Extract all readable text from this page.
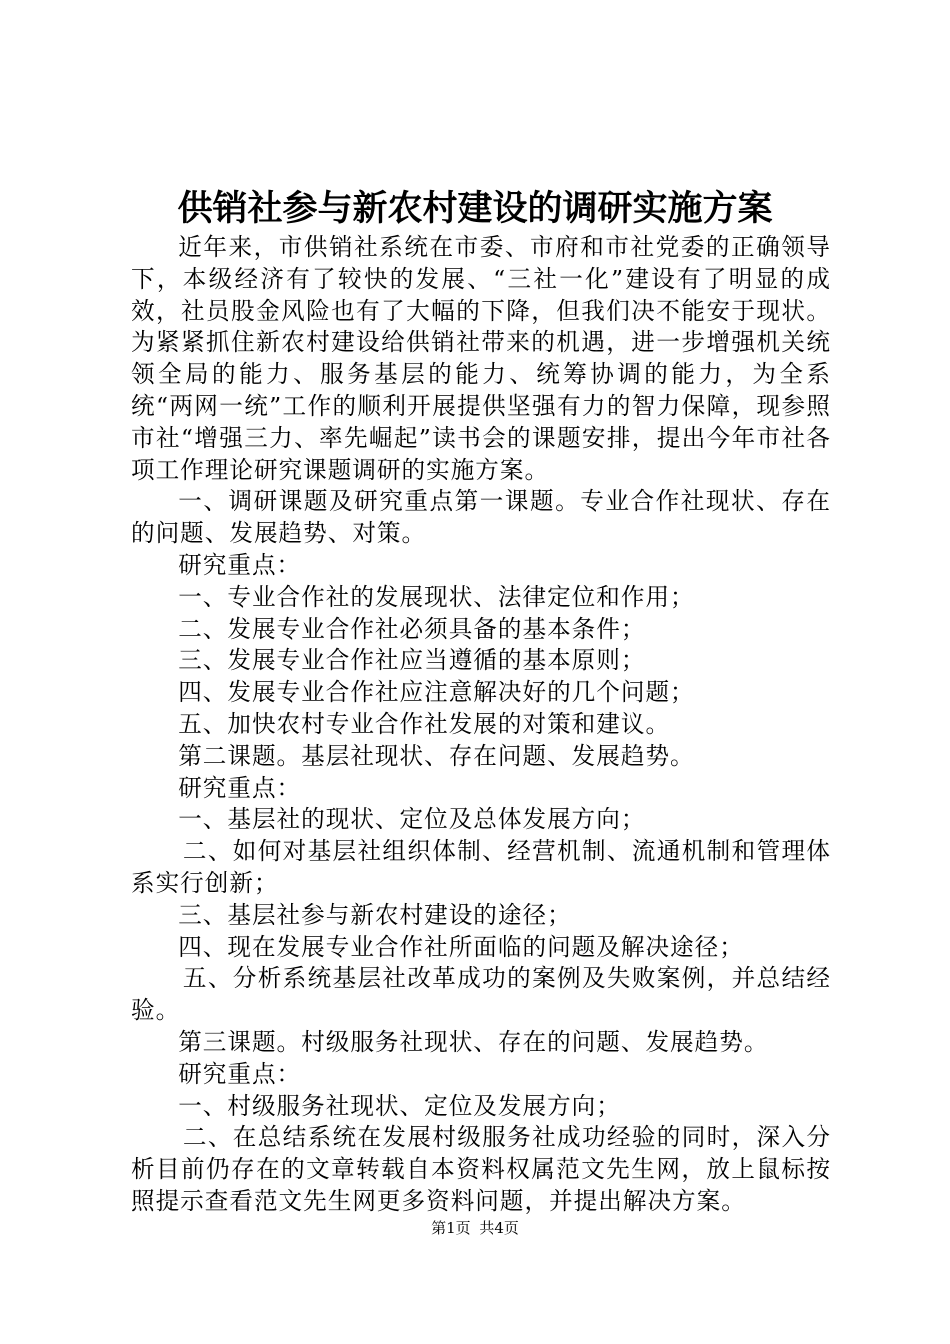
供销社参与新农村建设的调研实施方案

近年来，市供销社系统在市委、市府和市社党委的正确领导下，本级经济有了较快的发展、“三社一化”建设有了明显的成效，社员股金风险也有了大幅的下降，但我们决不能安于现状。为紧紧抓住新农村建设给供销社带来的机遇，进一步增强机关统领全局的能力、服务基层的能力、统筹协调的能力，为全系统“两网一统”工作的顺利开展提供坚强有力的智力保障，现参照市社“增强三力、率先崛起”读书会的课题安排，提出今年市社各项工作理论研究课题调研的实施方案。

一、调研课题及研究重点第一课题。专业合作社现状、存在的问题、发展趋势、对策。

研究重点：

一、专业合作社的发展现状、法律定位和作用；

二、发展专业合作社必须具备的基本条件；

三、发展专业合作社应当遵循的基本原则；

四、发展专业合作社应注意解决好的几个问题；

五、加快农村专业合作社发展的对策和建议。

第二课题。基层社现状、存在问题、发展趋势。

研究重点：

一、基层社的现状、定位及总体发展方向；

二、如何对基层社组织体制、经营机制、流通机制和管理体系实行创新；

三、基层社参与新农村建设的途径；

四、现在发展专业合作社所面临的问题及解决途径；

五、分析系统基层社改革成功的案例及失败案例，并总结经验。

第三课题。村级服务社现状、存在的问题、发展趋势。

研究重点：

一、村级服务社现状、定位及发展方向；

二、在总结系统在发展村级服务社成功经验的同时，深入分析目前仍存在的文章转载自本资料权属范文先生网，放上鼠标按照提示查看范文先生网更多资料问题，并提出解决方案。

第1页 共4页
